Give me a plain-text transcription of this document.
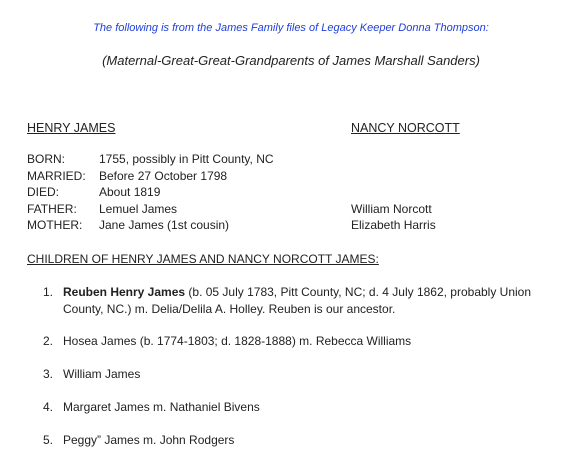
The following is from the James Family files of Legacy Keeper Donna Thompson:
(Maternal-Great-Great-Grandparents of James Marshall Sanders)
HENRY JAMES	NANCY NORCOTT
BORN:	1755, possibly in Pitt County, NC
MARRIED: Before 27 October 1798
DIED:	About 1819
FATHER: Lemuel James	William Norcott
MOTHER: Jane James (1st cousin)	Elizabeth Harris
CHILDREN OF HENRY JAMES AND NANCY NORCOTT JAMES:
1. Reuben Henry James (b. 05 July 1783, Pitt County, NC; d. 4 July 1862, probably Union County, NC.) m. Delia/Delila A. Holley. Reuben is our ancestor.
2. Hosea James (b. 1774-1803; d. 1828-1888) m. Rebecca Williams
3. William James
4. Margaret James m. Nathaniel Bivens
5. Peggy” James m. John Rodgers
